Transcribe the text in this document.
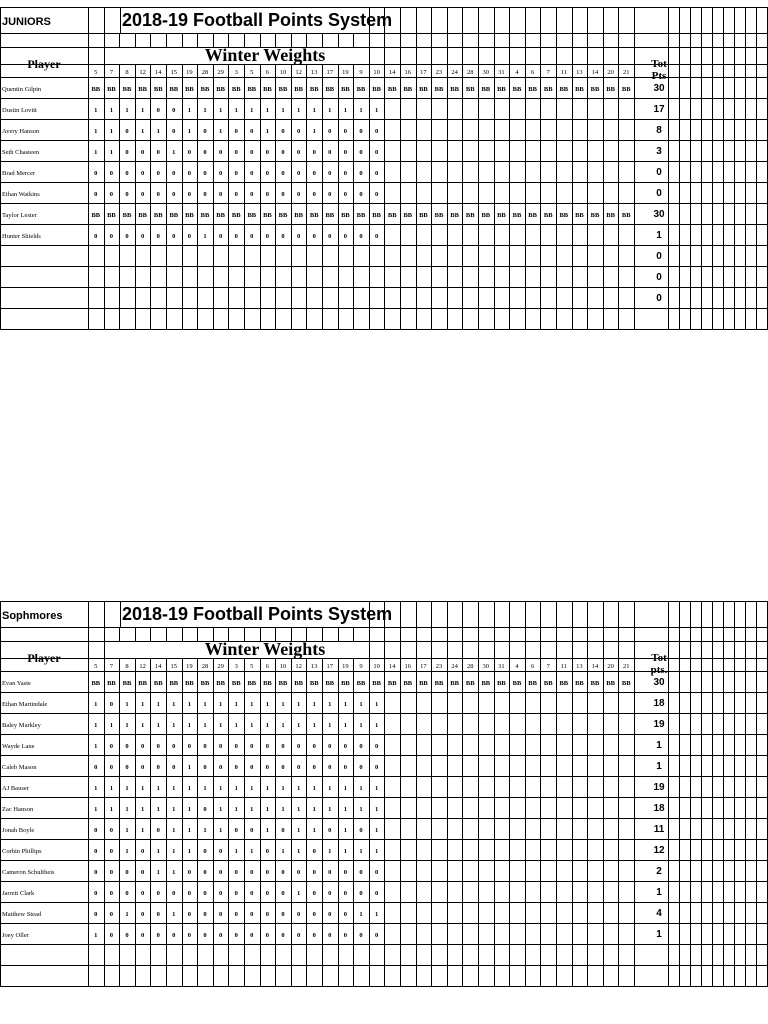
JUNIORS	2018-19 Football Points System
Winter Weights
Player	Tot
Pts
5 7 8 12 14 15 19 28 29 3 5 6 10 12 13 17 19 9 10 14 16 17 23 24 28 30 31 4 6 7 11 13 14 20 21
Quentin Gilpin	BB BB BB BB BB BB BB BB BB BB BB BB BB BB BB BB BB BB BB BB BB BB BB BB BB BB BB BB BB BB BB BB BB BB BB 30
Dustin Lovitt	1 1 1 1 0 0 1 1 1 1 1 1 1 1 1 1 1 1 1	17
Avery Hanson	1 1 0 1 1 0 1 0 1 0 0 1 0 0 1 0 0 0 0	8
Seth Chasteen	1 1 0 0 0 1 0 0 0 0 0 0 0 0 0 0 0 0 0	3
Brad Mercer	0 0 0 0 0 0 0 0 0 0 0 0 0 0 0 0 0 0 0	0
Ethan Watkins	0 0 0 0 0 0 0 0 0 0 0 0 0 0 0 0 0 0 0	0
Taylor Lester	BB BB BB BB BB BB BB BB BB BB BB BB BB BB BB BB BB BB BB BB BB BB BB BB BB BB BB BB BB BB BB BB BB BB BB 30
Hunter Shields	0 0 0 0 0 0 0 1 0 0 0 0 0 0 0 0 0 0 0	1
0
0
0
Sophmores	2018-19 Football Points System
Winter Weights
Player	Tot
pts.
5 7 8 12 14 15 19 28 29 3 5 6 10 12 13 17 19 9 10 14 16 17 23 24 28 30 31 4 6 7 11 13 14 20 21
Evan Yaste	BB BB BB BB BB BB BB BB BB BB BB BB BB BB BB BB BB BB BB BB BB BB BB BB BB BB BB BB BB BB BB BB BB BB BB 30
Ethan Martindale	1 0 1 1 1 1 1 1 1 1 1 1 1 1 1 1 1 1 1	18
Baley Markley	1 1 1 1 1 1 1 1 1 1 1 1 1 1 1 1 1 1 1	19
Wayde Lane	1 0 0 0 0 0 0 0 0 0 0 0 0 0 0 0 0 0 0	1
Caleb Mason	0 0 0 0 0 0 1 0 0 0 0 0 0 0 0 0 0 0 0	1
AJ Bauser	1 1 1 1 1 1 1 1 1 1 1 1 1 1 1 1 1 1 1	19
Zac Hanson	1 1 1 1 1 1 1 0 1 1 1 1 1 1 1 1 1 1 1	18
Jonah Boyle	0 0 1 1 0 1 1 1 1 0 0 1 0 1 1 0 1 0 1	11
Corbin Phillips	0 0 1 0 1 1 1 0 0 1 1 0 1 1 0 1 1 1 1	12
Cameron Schultheis	0 0 0 0 1 1 0 0 0 0 0 0 0 0 0 0 0 0 0	2
Jarrett Clark	0 0 0 0 0 0 0 0 0 0 0 0 0 1 0 0 0 0 0	1
Matthew Stead	0 0 1 0 0 1 0 0 0 0 0 0 0 0 0 0 0 1 1	4
Joey Oller	1 0 0 0 0 0 0 0 0 0 0 0 0 0 0 0 0 0 0	1
